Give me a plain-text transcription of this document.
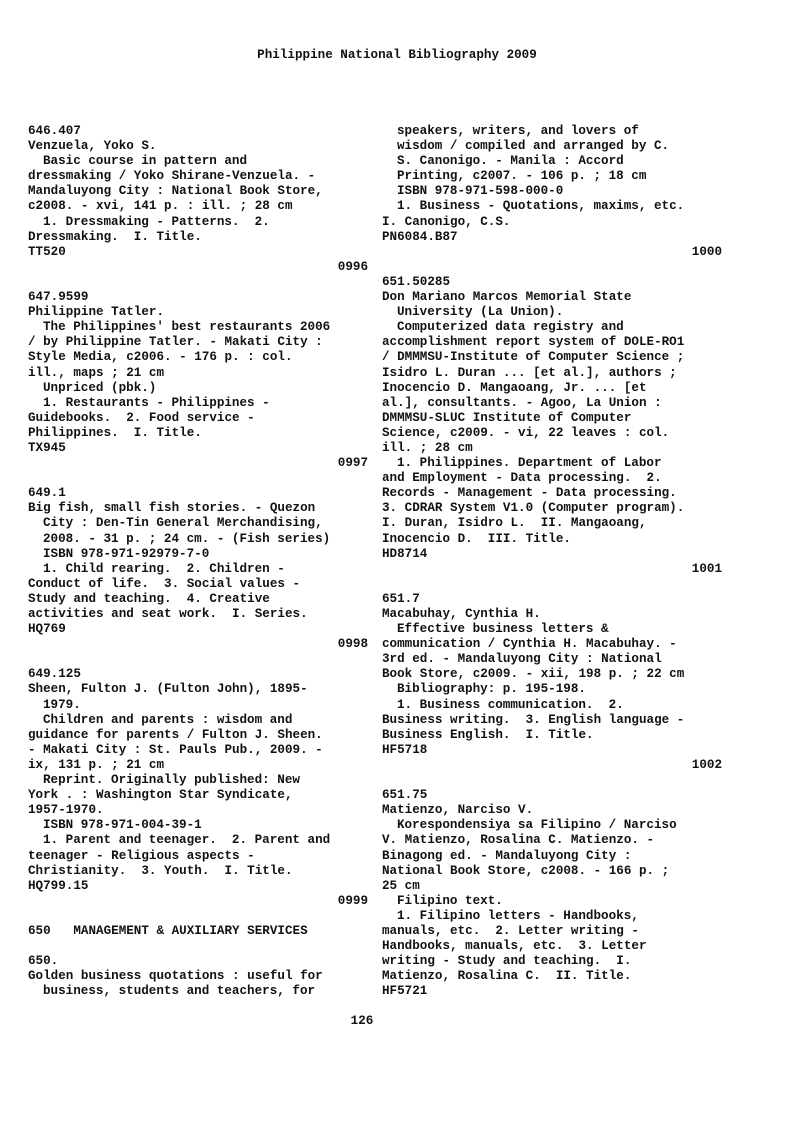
Philippine National Bibliography 2009
646.407
Venzuela, Yoko S.
Basic course in pattern and
dressmaking / Yoko Shirane-Venzuela. -
Mandaluyong City : National Book Store,
c2008. - xvi, 141 p. : ill. ; 28 cm
1. Dressmaking - Patterns.  2.
Dressmaking.  I. Title.
TT520
0996
647.9599
Philippine Tatler.
The Philippines' best restaurants 2006
/ by Philippine Tatler. - Makati City :
Style Media, c2006. - 176 p. : col.
ill., maps ; 21 cm
Unpriced (pbk.)
1. Restaurants - Philippines -
Guidebooks.  2. Food service -
Philippines.  I. Title.
TX945
0997
649.1
Big fish, small fish stories. - Quezon
City : Den-Tin General Merchandising,
2008. - 31 p. ; 24 cm. - (Fish series)
ISBN 978-971-92979-7-0
1. Child rearing.  2. Children -
Conduct of life.  3. Social values -
Study and teaching.  4. Creative
activities and seat work.  I. Series.
HQ769
0998
649.125
Sheen, Fulton J. (Fulton John), 1895-
1979.
Children and parents : wisdom and
guidance for parents / Fulton J. Sheen.
- Makati City : St. Pauls Pub., 2009. -
ix, 131 p. ; 21 cm
Reprint. Originally published: New
York . : Washington Star Syndicate,
1957-1970.
ISBN 978-971-004-39-1
1. Parent and teenager.  2. Parent and
teenager - Religious aspects -
Christianity.  3. Youth.  I. Title.
HQ799.15
0999
650   MANAGEMENT & AUXILIARY SERVICES
650.
Golden business quotations : useful for
business, students and teachers, for
speakers, writers, and lovers of
wisdom / compiled and arranged by C.
S. Canonigo. - Manila : Accord
Printing, c2007. - 106 p. ; 18 cm
ISBN 978-971-598-000-0
1. Business - Quotations, maxims, etc.
I. Canonigo, C.S.
PN6084.B87
1000
651.50285
Don Mariano Marcos Memorial State
University (La Union).
Computerized data registry and
accomplishment report system of DOLE-RO1
/ DMMMSU-Institute of Computer Science ;
Isidro L. Duran ... [et al.], authors ;
Inocencio D. Mangaoang, Jr. ... [et
al.], consultants. - Agoo, La Union :
DMMMSU-SLUC Institute of Computer
Science, c2009. - vi, 22 leaves : col.
ill. ; 28 cm
1. Philippines. Department of Labor
and Employment - Data processing.  2.
Records - Management - Data processing.
3. CDRAR System V1.0 (Computer program).
I. Duran, Isidro L.  II. Mangaoang,
Inocencio D.  III. Title.
HD8714
1001
651.7
Macabuhay, Cynthia H.
Effective business letters &
communication / Cynthia H. Macabuhay. -
3rd ed. - Mandaluyong City : National
Book Store, c2009. - xii, 198 p. ; 22 cm
Bibliography: p. 195-198.
1. Business communication.  2.
Business writing.  3. English language -
Business English.  I. Title.
HF5718
1002
651.75
Matienzo, Narciso V.
Korespondensiya sa Filipino / Narciso
V. Matienzo, Rosalina C. Matienzo. -
Binagong ed. - Mandaluyong City :
National Book Store, c2008. - 166 p. ;
25 cm
Filipino text.
1. Filipino letters - Handbooks,
manuals, etc.  2. Letter writing -
Handbooks, manuals, etc.  3. Letter
writing - Study and teaching.  I.
Matienzo, Rosalina C.  II. Title.
HF5721
126
